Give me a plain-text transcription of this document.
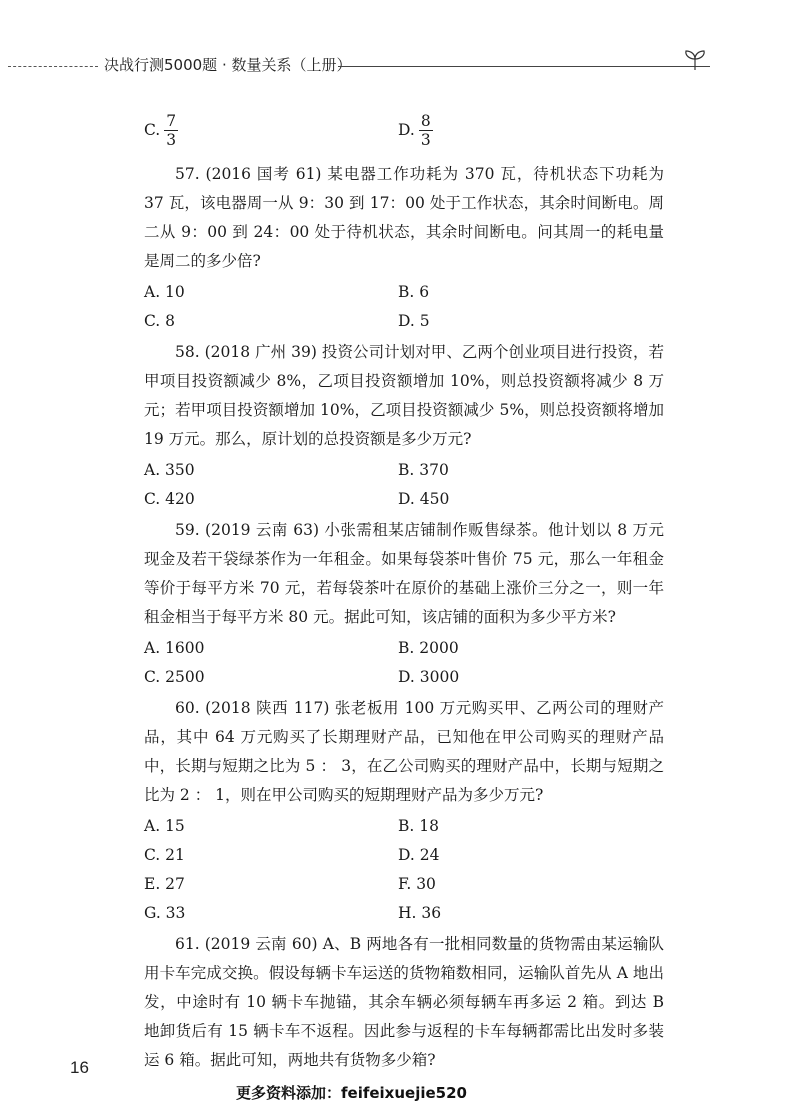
决战行测5000题 · 数量关系（上册）
C. $\frac{7}{3}$	D. $\frac{8}{3}$

57. (2016 国考 61) 某电器工作功耗为 370 瓦，待机状态下功耗为 37 瓦，该电器周一从 9：30 到 17：00 处于工作状态，其余时间断电。周二从 9：00 到 24：00 处于待机状态，其余时间断电。问其周一的耗电量是周二的多少倍?

A. 10	B. 6
C. 8	D. 5

58. (2018 广州 39) 投资公司计划对甲、乙两个创业项目进行投资，若甲项目投资额减少 8%，乙项目投资额增加 10%，则总投资额将减少 8 万元；若甲项目投资额增加 10%，乙项目投资额减少 5%，则总投资额将增加 19 万元。那么，原计划的总投资额是多少万元?

A. 350	B. 370
C. 420	D. 450

59. (2019 云南 63) 小张需租某店铺制作贩售绿茶。他计划以 8 万元现金及若干袋绿茶作为一年租金。如果每袋茶叶售价 75 元，那么一年租金等价于每平方米 70 元，若每袋茶叶在原价的基础上涨价三分之一，则一年租金相当于每平方米 80 元。据此可知，该店铺的面积为多少平方米?

A. 1600	B. 2000
C. 2500	D. 3000

60. (2018 陕西 117) 张老板用 100 万元购买甲、乙两公司的理财产品，其中 64 万元购买了长期理财产品，已知他在甲公司购买的理财产品中，长期与短期之比为 5 ： 3，在乙公司购买的理财产品中，长期与短期之比为 2 ： 1，则在甲公司购买的短期理财产品为多少万元?

A. 15	B. 18
C. 21	D. 24
E. 27	F. 30
G. 33	H. 36

61. (2019 云南 60) A、B 两地各有一批相同数量的货物需由某运输队用卡车完成交换。假设每辆卡车运送的货物箱数相同，运输队首先从 A 地出发，中途时有 10 辆卡车抛锚，其余车辆必须每辆车再多运 2 箱。到达 B 地卸货后有 15 辆卡车不返程。因此参与返程的卡车每辆都需比出发时多装运 6 箱。据此可知，两地共有货物多少箱?

16
更多资料添加：feifeixuejie520
